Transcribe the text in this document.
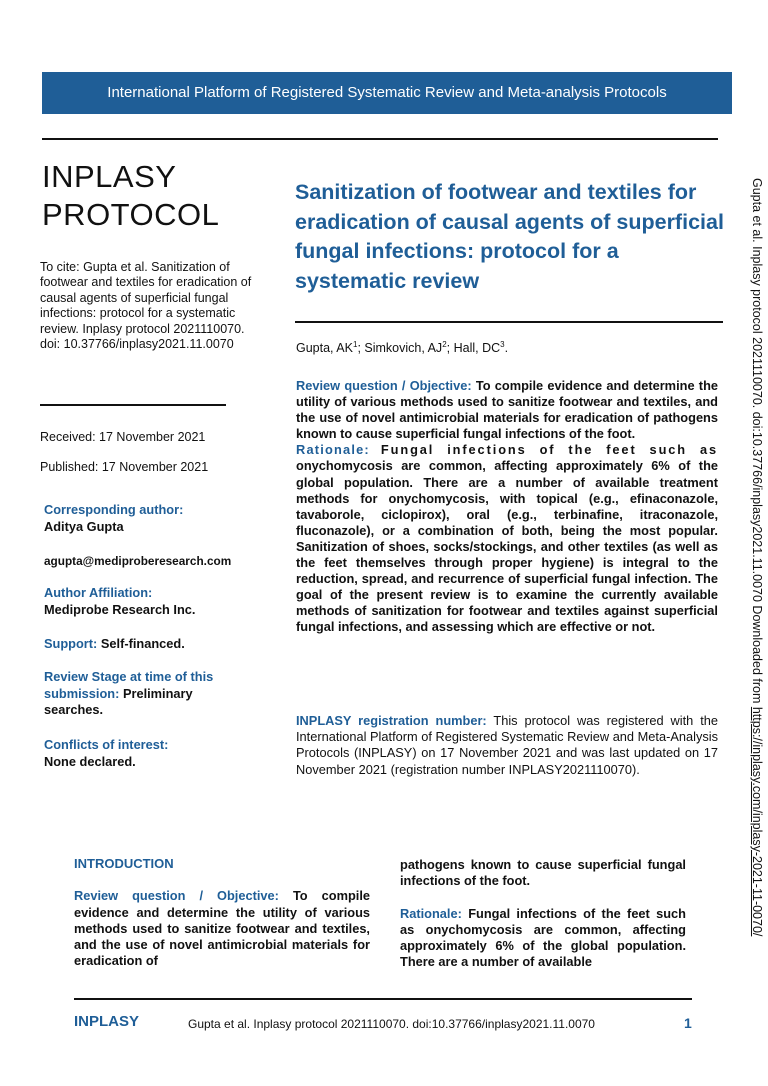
International Platform of Registered Systematic Review and Meta-analysis Protocols
INPLASY
PROTOCOL
To cite: Gupta et al. Sanitization of footwear and textiles for eradication of causal agents of superficial fungal infections: protocol for a systematic review. Inplasy protocol 2021110070. doi: 10.37766/inplasy2021.11.0070
Received: 17 November 2021
Published: 17 November 2021
Corresponding author:
Aditya Gupta
agupta@mediproberesearch.com
Author Affiliation:
Mediprobe Research Inc.
Support: Self-financed.
Review Stage at time of this submission: Preliminary searches.
Conflicts of interest:
None declared.
Sanitization of footwear and textiles for eradication of causal agents of superficial fungal infections: protocol for a systematic review
Gupta, $AK^1$; Simkovich, $AJ^2$; Hall, $DC^3$.
Review question / Objective: To compile evidence and determine the utility of various methods used to sanitize footwear and textiles, and the use of novel antimicrobial materials for eradication of pathogens known to cause superficial fungal infections of the foot.
Rationale: Fungal infections of the feet such as onychomycosis are common, affecting approximately 6% of the global population. There are a number of available treatment methods for onychomycosis, with topical (e.g., efinaconazole, tavaborole, ciclopirox), oral (e.g., terbinafine, itraconazole, fluconazole), or a combination of both, being the most popular. Sanitization of shoes, socks/stockings, and other textiles (as well as the feet themselves through proper hygiene) is integral to the reduction, spread, and recurrence of superficial fungal infection. The goal of the present review is to examine the currently available methods of sanitization for footwear and textiles against superficial fungal infections, and assessing which are effective or not.
INPLASY registration number: This protocol was registered with the International Platform of Registered Systematic Review and Meta-Analysis Protocols (INPLASY) on 17 November 2021 and was last updated on 17 November 2021 (registration number INPLASY2021110070).
INTRODUCTION
Review question / Objective: To compile evidence and determine the utility of various methods used to sanitize footwear and textiles, and the use of novel antimicrobial materials for eradication of
pathogens known to cause superficial fungal infections of the foot.
Rationale: Fungal infections of the feet such as onychomycosis are common, affecting approximately 6% of the global population. There are a number of available
INPLASY	Gupta et al. Inplasy protocol 2021110070. doi:10.37766/inplasy2021.11.0070	1
Gupta et al. Inplasy protocol 2021110070. doi:10.37766/inplasy2021.11.0070 Downloaded from https://inplasy.com/inplasy-2021-11-0070/
